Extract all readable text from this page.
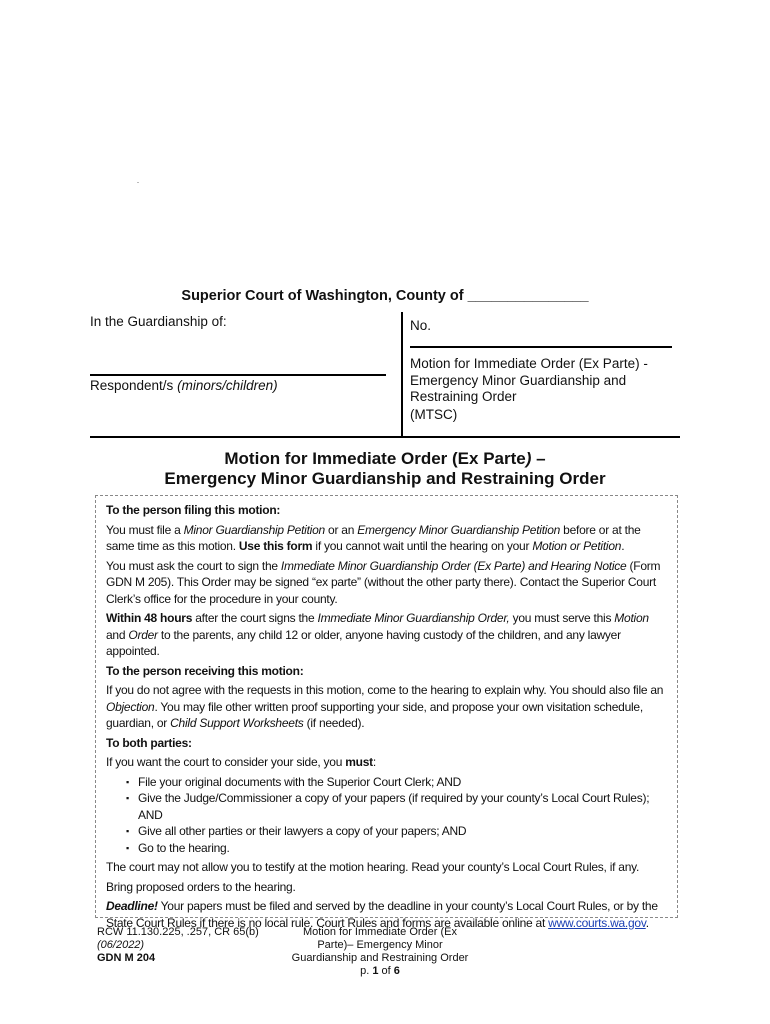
Superior Court of Washington, County of _______________
In the Guardianship of:
Respondent/s (minors/children)
No.
Motion for Immediate Order (Ex Parte) - Emergency Minor Guardianship and Restraining Order
(MTSC)
Motion for Immediate Order (Ex Parte) –
Emergency Minor Guardianship and Restraining Order

To the person filing this motion:

You must file a Minor Guardianship Petition or an Emergency Minor Guardianship Petition before or at the same time as this motion. Use this form if you cannot wait until the hearing on your Motion or Petition.

You must ask the court to sign the Immediate Minor Guardianship Order (Ex Parte) and Hearing Notice (Form GDN M 205). This Order may be signed “ex parte” (without the other party there). Contact the Superior Court Clerk’s office for the procedure in your county.

Within 48 hours after the court signs the Immediate Minor Guardianship Order, you must serve this Motion and Order to the parents, any child 12 or older, anyone having custody of the children, and any lawyer appointed.

To the person receiving this motion:

If you do not agree with the requests in this motion, come to the hearing to explain why. You should also file an Objection. You may file other written proof supporting your side, and propose your own visitation schedule, guardian, or Child Support Worksheets (if needed).

To both parties:

If you want the court to consider your side, you must:

▪ File your original documents with the Superior Court Clerk; AND
▪ Give the Judge/Commissioner a copy of your papers (if required by your county’s Local Court Rules); AND
▪ Give all other parties or their lawyers a copy of your papers; AND
▪ Go to the hearing.

The court may not allow you to testify at the motion hearing. Read your county’s Local Court Rules, if any.

Bring proposed orders to the hearing.

Deadline! Your papers must be filed and served by the deadline in your county’s Local Court Rules, or by the State Court Rules if there is no local rule. Court Rules and forms are available online at www.courts.wa.gov.

RCW 11.130.225, .257, CR 65(b)
(06/2022)
GDN M 204
Motion for Immediate Order (Ex
Parte)– Emergency Minor
Guardianship and Restraining Order
p. 1 of 6
